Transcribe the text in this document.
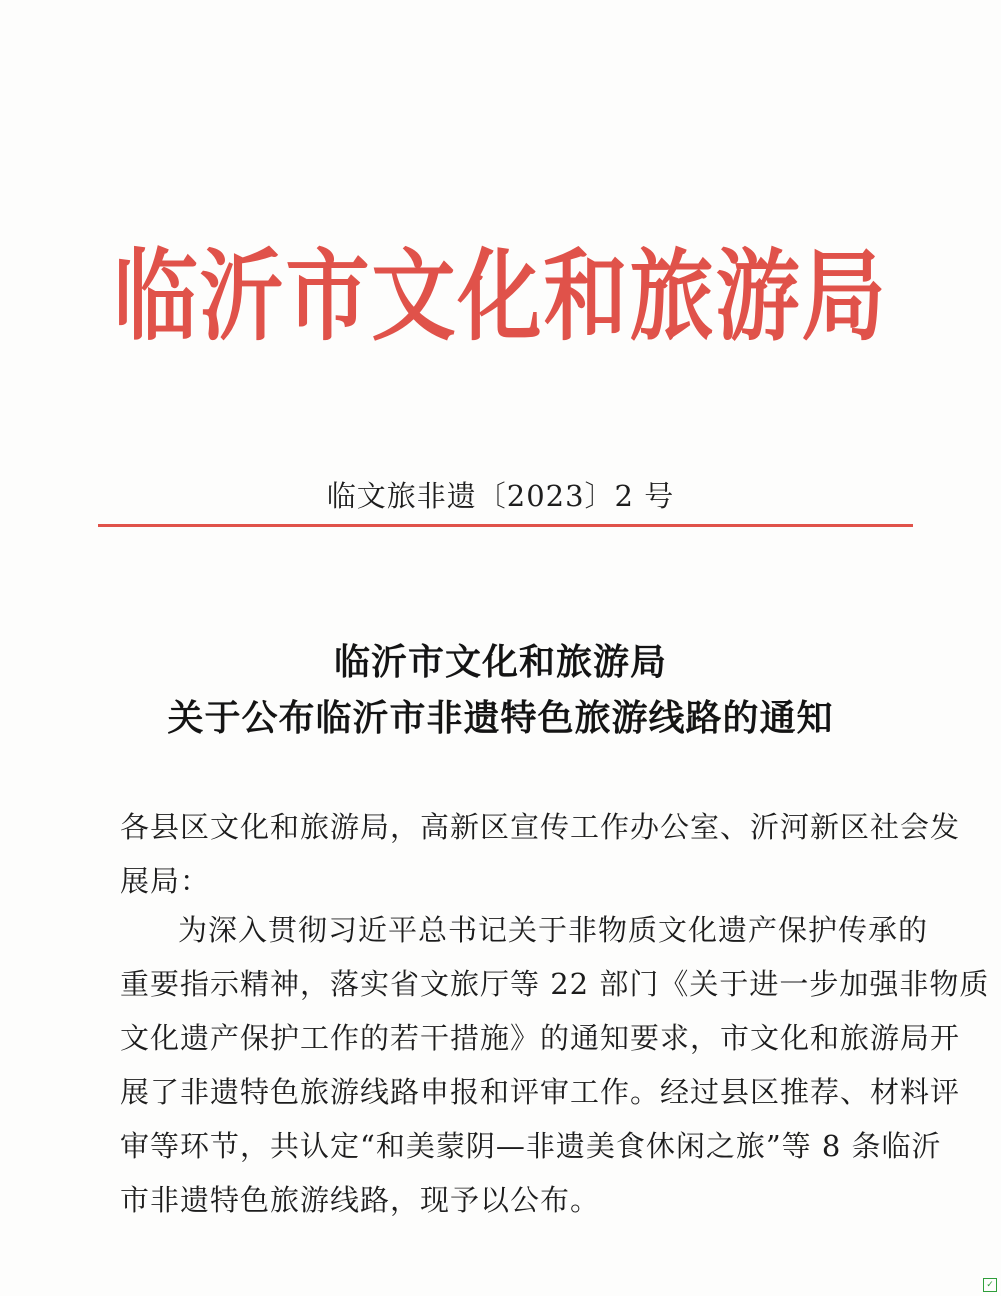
临沂市文化和旅游局
临文旅非遗〔2023〕2 号
临沂市文化和旅游局
关于公布临沂市非遗特色旅游线路的通知
各县区文化和旅游局，高新区宣传工作办公室、沂河新区社会发
展局：
为深入贯彻习近平总书记关于非物质文化遗产保护传承的
重要指示精神，落实省文旅厅等 22 部门《关于进一步加强非物质
文化遗产保护工作的若干措施》的通知要求，市文化和旅游局开
展了非遗特色旅游线路申报和评审工作。经过县区推荐、材料评
审等环节，共认定“和美蒙阴—非遗美食休闲之旅”等 8 条临沂
市非遗特色旅游线路，现予以公布。
✓
